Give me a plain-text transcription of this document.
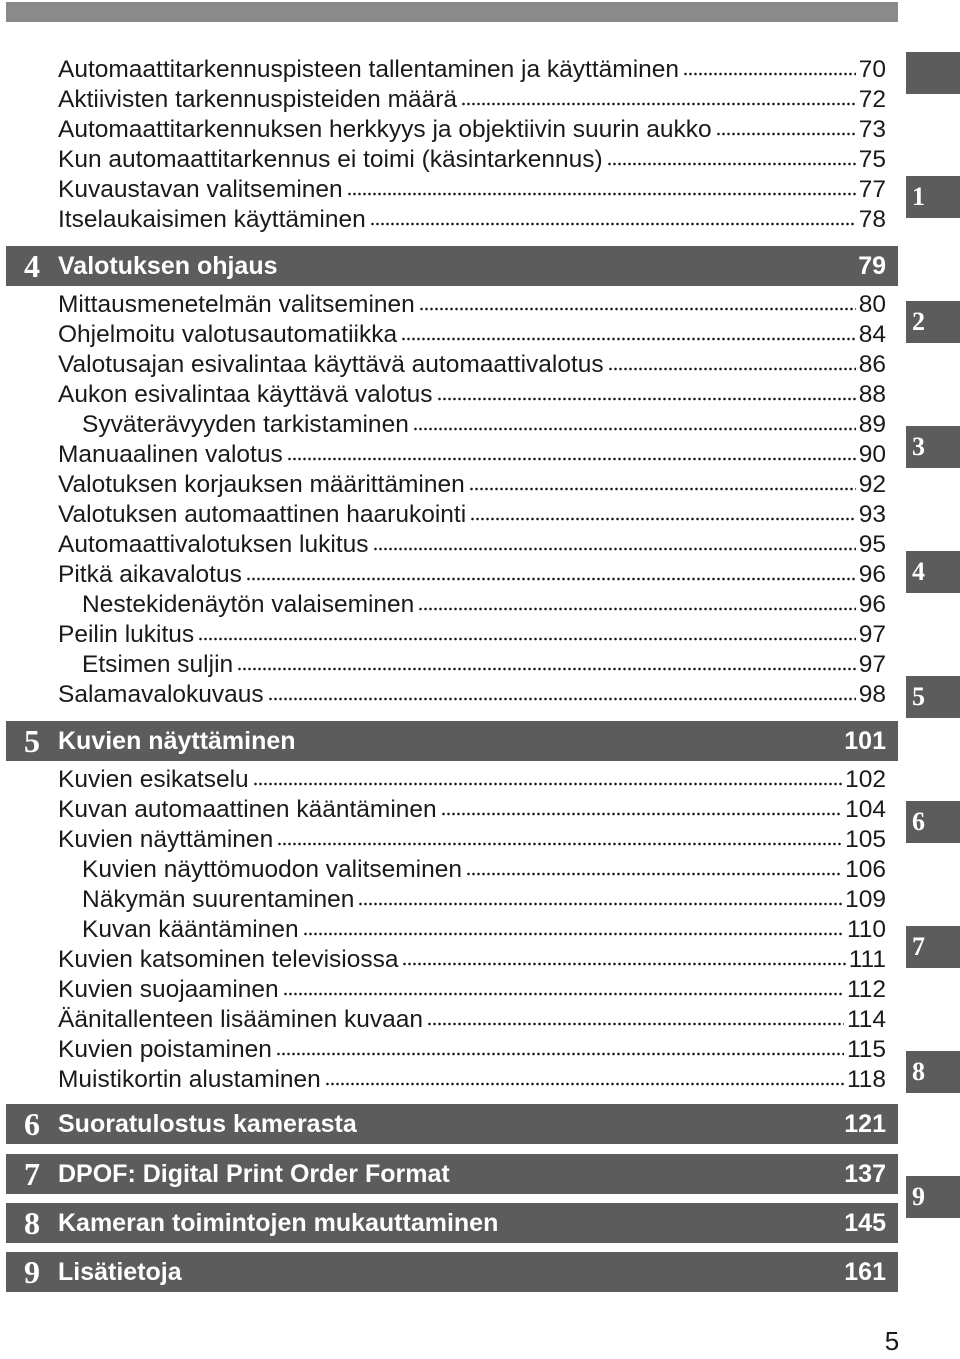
Automaattitarkennuspisteen tallentaminen ja käyttäminen	70
Aktiivisten tarkennuspisteiden määrä	72
Automaattitarkennuksen herkkyys ja objektiivin suurin aukko	73
Kun automaattitarkennus ei toimi (käsintarkennus)	75
Kuvaustavan valitseminen	77
Itselaukaisimen käyttäminen	78
4 Valotuksen ohjaus	79
Mittausmenetelmän valitseminen	80
Ohjelmoitu valotusautomatiikka	84
Valotusajan esivalintaa käyttävä automaattivalotus	86
Aukon esivalintaa käyttävä valotus	88
Syväterävyyden tarkistaminen	89
Manuaalinen valotus	90
Valotuksen korjauksen määrittäminen	92
Valotuksen automaattinen haarukointi	93
Automaattivalotuksen lukitus	95
Pitkä aikavalotus	96
Nestekidenäytön valaiseminen	96
Peilin lukitus	97
Etsimen suljin	97
Salamavalokuvaus	98
5 Kuvien näyttäminen	101
Kuvien esikatselu	102
Kuvan automaattinen kääntäminen	104
Kuvien näyttäminen	105
Kuvien näyttömuodon valitseminen	106
Näkymän suurentaminen	109
Kuvan kääntäminen	110
Kuvien katsominen televisiossa	111
Kuvien suojaaminen	112
Äänitallenteen lisääminen kuvaan	114
Kuvien poistaminen	115
Muistikortin alustaminen	118
6 Suoratulostus kamerasta	121
7 DPOF: Digital Print Order Format	137
8 Kameran toimintojen mukauttaminen	145
9 Lisätietoja	161
1
2
3
4
5
6
7
8
9
5
